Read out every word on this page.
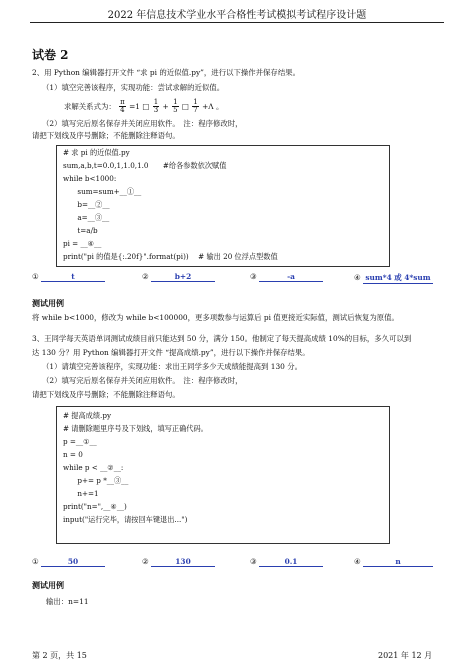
2022 年信息技术学业水平合格性考试模拟考试程序设计题
试卷 2
2、用 Python 编辑器打开文件 “求 pi 的近似值.py”，进行以下操作并保存结果。
（1）填空完善该程序，实现功能：尝试求解的近似值。
求解关系式为： $\frac{\pi}{4} =1$ □ $\frac{1}{3} + \frac{1}{5}$ □ $\frac{1}{7} +\Lambda$ 。
（2）填写完后原名保存并关闭应用软件。　注：程序修改时，
请把下划线及序号删除；不能删除注释语句。
# 求 pi 的近似值.py
sum,a,b,t=0.0,1,1.0,1.0　　#给各参数依次赋值
while b<1000:
　　sum=sum+__①__
　　b=__②__
　　a=__③__
　　t=a/b
pi = __④__
print("pi 的值是{:.20f}".format(pi))　 # 输出 20 位浮点型数值
①	t	②	b+2	③	-a	④ sum*4 或 4*sum
测试用例
将 while b<1000，修改为 while b<100000，更多项数参与运算后 pi 值更接近实际值，测试后恢复为原值。
3、王同学每天英语单词测试成绩目前只能达到 50 分，满分 150。他制定了每天提高成绩 10%的目标，多久可以到
达 130 分？用 Python 编辑器打开文件 “提高成绩.py”，进行以下操作并保存结果。
（1）请填空完善该程序，实现功能：求出王同学多少天成绩能提高到 130 分。
（2）填写完后原名保存并关闭应用软件。　注：程序修改时，
请把下划线及序号删除；不能删除注释语句。
# 提高成绩.py
# 请删除题里序号及下划线，填写正确代码。
p =__①__
n = 0
while p < __②__:
　　p+= p *__③__
　　n+=1
print("n=",__④__)
input("运行完毕，请按回车键退出...")
①	50	②	130	③	0.1	④	n
测试用例
输出：n=11
第 2 页，共 15	2021 年 12 月
